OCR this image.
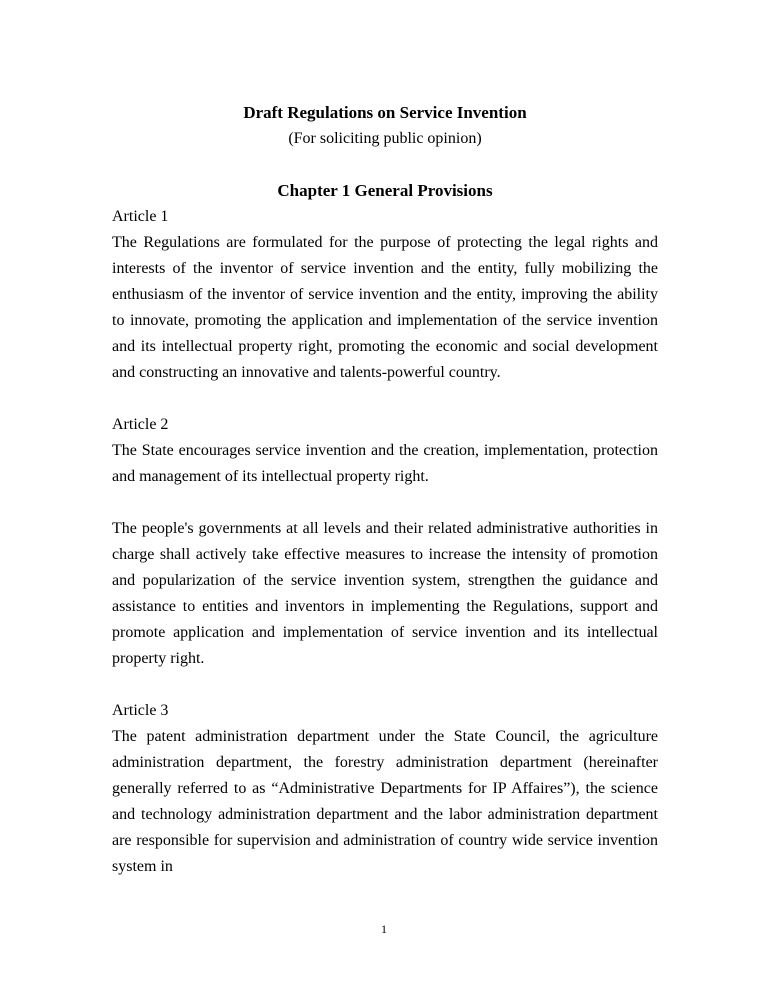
Draft Regulations on Service Invention

(For soliciting public opinion)

Chapter 1 General Provisions

Article 1

The Regulations are formulated for the purpose of protecting the legal rights and interests of the inventor of service invention and the entity, fully mobilizing the enthusiasm of the inventor of service invention and the entity, improving the ability to innovate, promoting the application and implementation of the service invention and its intellectual property right, promoting the economic and social development and constructing an innovative and talents-powerful country.

Article 2

The State encourages service invention and the creation, implementation, protection and management of its intellectual property right.

The people's governments at all levels and their related administrative authorities in charge shall actively take effective measures to increase the intensity of promotion and popularization of the service invention system, strengthen the guidance and assistance to entities and inventors in implementing the Regulations, support and promote application and implementation of service invention and its intellectual property right.

Article 3

The patent administration department under the State Council, the agriculture administration department, the forestry administration department (hereinafter generally referred to as “Administrative Departments for IP Affaires”), the science and technology administration department and the labor administration department are responsible for supervision and administration of country wide service invention system in

1
